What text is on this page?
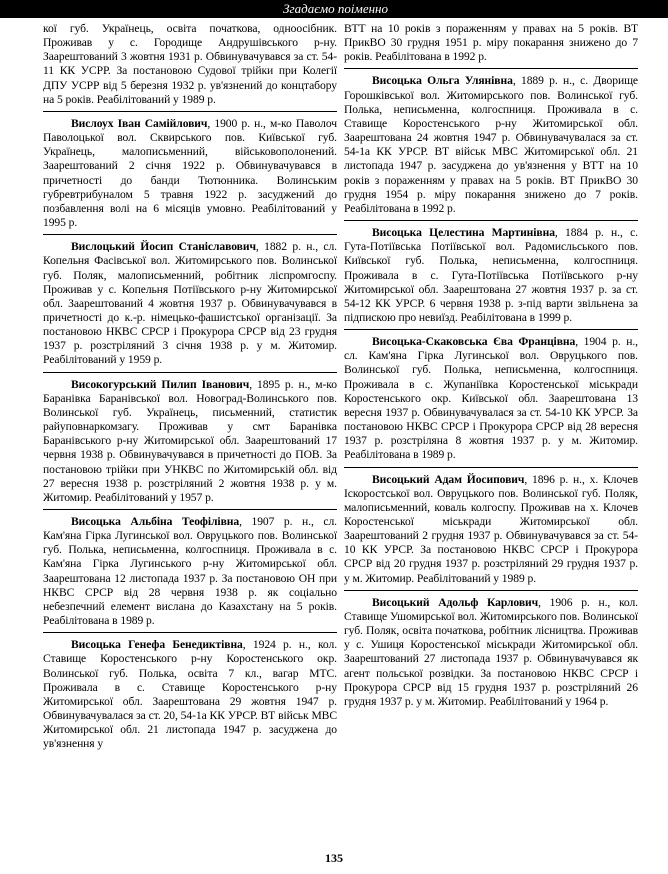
Згадаємо поіменно

кої губ. Українець, освіта початкова, одноосібник. Проживав у с. Городище Андрушівського р-ну. Заарештований 3 жовтня 1931 р. Обвинувачувався за ст. 54-11 КК УСРР. За постановою Судової трійки при Колегії ДПУ УСРР від 5 березня 1932 р. ув'язнений до концтабору на 5 років. Реабілітований у 1989 р.

Вислоух Іван Самійлович, 1900 р. н., м-ко Паволоч Паволоцької вол. Сквирського пов. Київської губ. Українець, малописьменний, військовополонений. Заарештований 2 січня 1922 р. Обвинувачувався в причетності до банди Тютюнника. Волинським губревтрибуналом 5 травня 1922 р. засуджений до позбавлення волі на 6 місяців умовно. Реабілітований у 1995 р.

Вислоцький Йосип Станіславович, 1882 р. н., сл. Копельня Фасівської вол. Житомирського пов. Волинської губ. Поляк, малописьменний, робітник ліспромгоспу. Проживав у с. Копельня Потіївського р-ну Житомирської обл. Заарештований 4 жовтня 1937 р. Обвинувачувався в причетності до к.-р. німецько-фашистської організації. За постановою НКВС СРСР і Прокурора СРСР від 23 грудня 1937 р. розстріляний 3 січня 1938 р. у м. Житомир. Реабілітований у 1959 р.

Високогурський Пилип Іванович, 1895 р. н., м-ко Баранівка Баранівської вол. Новоград-Волинського пов. Волинської губ. Українець, письменний, статистик райуповнаркомзагу. Проживав у смт Баранівка Баранівського р-ну Житомирської обл. Заарештований 17 червня 1938 р. Обвинувачувався в причетності до ПОВ. За постановою трійки при УНКВС по Житомирській обл. від 27 вересня 1938 р. розстріляний 2 жовтня 1938 р. у м. Житомир. Реабілітований у 1957 р.

Висоцька Альбіна Теофілівна, 1907 р. н., сл. Кам'яна Гірка Лугинської вол. Овруцького пов. Волинської губ. Полька, неписьменна, колгоспниця. Проживала в с. Кам'яна Гірка Лугинського р-ну Житомирської обл. Заарештована 12 листопада 1937 р. За постановою ОН при НКВС СРСР від 28 червня 1938 р. як соціально небезпечний елемент вислана до Казахстану на 5 років. Реабілітована в 1989 р.

Висоцька Генефа Бенедиктівна, 1924 р. н., кол. Ставище Коростенського р-ну Коростенського окр. Волинської губ. Полька, освіта 7 кл., вагар МТС. Проживала в с. Ставище Коростенського р-ну Житомирської обл. Заарештована 29 жовтня 1947 р. Обвинувачувалася за ст. 20, 54-1а КК УРСР. ВТ військ МВС Житомирської обл. 21 листопада 1947 р. засуджена до ув'язнення у

ВТТ на 10 років з пораженням у правах на 5 років. ВТ ПрикВО 30 грудня 1951 р. міру покарання знижено до 7 років. Реабілітована в 1992 р.

Висоцька Ольга Улянівна, 1889 р. н., с. Дворище Горошківської вол. Житомирського пов. Волинської губ. Полька, неписьменна, колгоспниця. Проживала в с. Ставище Коростенського р-ну Житомирської обл. Заарештована 24 жовтня 1947 р. Обвинувачувалася за ст. 54-1а КК УРСР. ВТ військ МВС Житомирської обл. 21 листопада 1947 р. засуджена до ув'язнення у ВТТ на 10 років з пораженням у правах на 5 років. ВТ ПрикВО 30 грудня 1954 р. міру покарання знижено до 7 років. Реабілітована в 1992 р.

Висоцька Целестина Мартинівна, 1884 р. н., с. Гута-Потіївська Потіївської вол. Радомисльського пов. Київської губ. Полька, неписьменна, колгоспниця. Проживала в с. Гута-Потіївська Потіївського р-ну Житомирської обл. Заарештована 27 жовтня 1937 р. за ст. 54-12 КК УРСР. 6 червня 1938 р. з-під варти звільнена за підпискою про невиїзд. Реабілітована в 1999 р.

Висоцька-Скаковська Єва Францівна, 1904 р. н., сл. Кам'яна Гірка Лугинської вол. Овруцького пов. Волинської губ. Полька, неписьменна, колгоспниця. Проживала в с. Жупаніївка Коростенської міськради Коростенського окр. Київської обл. Заарештована 13 вересня 1937 р. Обвинувачувалася за ст. 54-10 КК УРСР. За постановою НКВС СРСР і Прокурора СРСР від 28 вересня 1937 р. розстріляна 8 жовтня 1937 р. у м. Житомир. Реабілітована в 1989 р.

Висоцький Адам Йосипович, 1896 р. н., х. Клочев Іскоростської вол. Овруцького пов. Волинської губ. Поляк, малописьменний, коваль колгоспу. Проживав на х. Клочев Коростенської міськради Житомирської обл. Заарештований 2 грудня 1937 р. Обвинувачувався за ст. 54-10 КК УРСР. За постановою НКВС СРСР і Прокурора СРСР від 20 грудня 1937 р. розстріляний 29 грудня 1937 р. у м. Житомир. Реабілітований у 1989 р.

Висоцький Адольф Карлович, 1906 р. н., кол. Ставище Ушомирської вол. Житомирського пов. Волинської губ. Поляк, освіта початкова, робітник лісництва. Проживав у с. Ушиця Коростенської міськради Житомирської обл. Заарештований 27 листопада 1937 р. Обвинувачувався як агент польської розвідки. За постановою НКВС СРСР і Прокурора СРСР від 15 грудня 1937 р. розстріляний 26 грудня 1937 р. у м. Житомир. Реабілітований у 1964 р.

135
